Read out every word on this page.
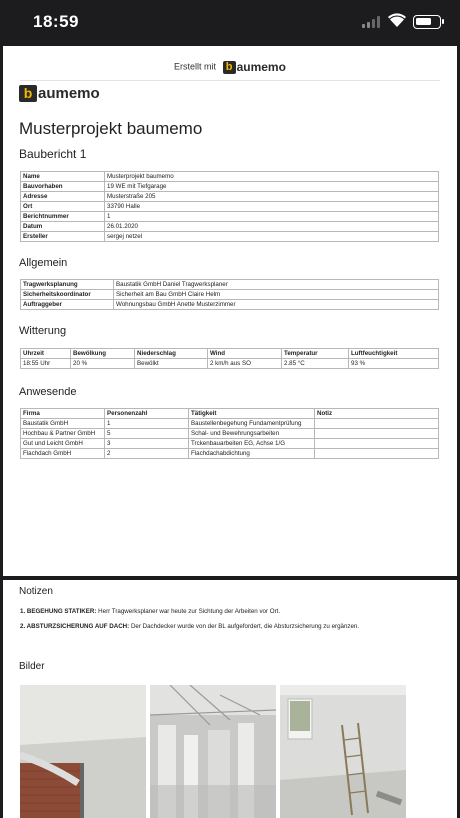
18:59
Erstellt mit b aumemo
b aumemo
Musterprojekt baumemo
Baubericht 1
Name	Musterprojekt baumemo
Bauvorhaben	19 WE mit Tiefgarage
Adresse	Musterstraße 205
Ort	33790 Halle
Berichtnummer	1
Datum	26.01.2020
Ersteller	sergej netzel
Allgemein
Tragwerksplanung	Baustatik GmbH Daniel Tragwerksplaner
Sicherheitskoordinator	Sicherheit am Bau GmbH Claire Helm
Auftraggeber	Wohnungsbau GmbH Anette Musterzimmer
Witterung
Uhrzeit	Bewölkung	Niederschlag	Wind	Temperatur	Luftfeuchtigkeit
18:55 Uhr	20 %	Bewölkt	2 km/h aus SO	2.85 °C	93 %
Anwesende
Firma	Personenzahl	Tätigkeit	Notiz
Baustatik GmbH	1	Baustellenbegehung Fundamentprüfung	
Hochbau & Partner GmbH	5	Schal- und Bewehrungsarbeiten	
Gut und Leicht GmbH	3	Trckenbauarbeiten EG, Achse 1/G	
Flachdach GmbH	2	Flachdachabdichtung	
Notizen
1. BEGEHUNG STATIKER: Herr Tragwerksplaner war heute zur Sichtung der Arbeiten vor Ort.
2. ABSTURZSICHERUNG AUF DACH: Der Dachdecker wurde von der BL aufgefordert, die Absturzsicherung zu ergänzen.
Bilder
